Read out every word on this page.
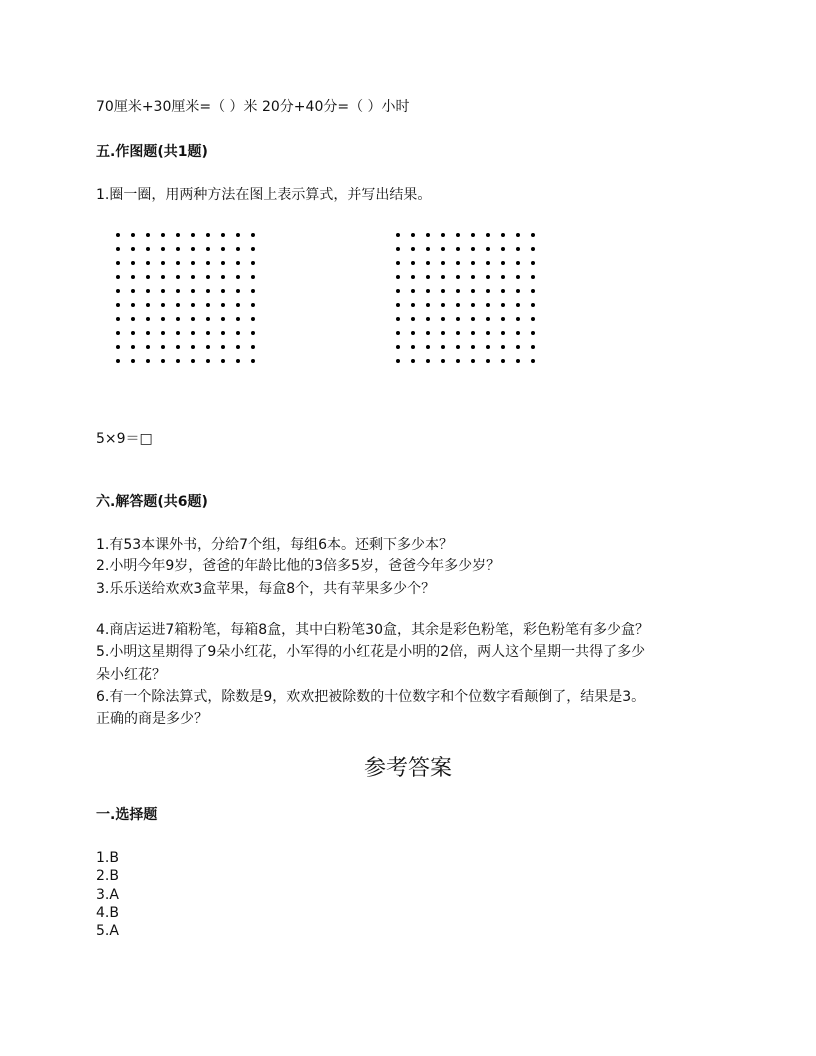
70厘米+30厘米=（ ）米 20分+40分=（ ）小时
五.作图题(共1题)
1.圈一圈，用两种方法在图上表示算式，并写出结果。
5×9＝□
六.解答题(共6题)
1.有53本课外书，分给7个组，每组6本。还剩下多少本？
2.小明今年9岁，爸爸的年龄比他的3倍多5岁，爸爸今年多少岁？
3.乐乐送给欢欢3盒苹果，每盒8个，共有苹果多少个？
4.商店运进7箱粉笔，每箱8盒，其中白粉笔30盒，其余是彩色粉笔，彩色粉笔有多少盒？
5.小明这星期得了9朵小红花，小军得的小红花是小明的2倍，两人这个星期一共得了多少
朵小红花？
6.有一个除法算式，除数是9，欢欢把被除数的十位数字和个位数字看颠倒了，结果是3。
正确的商是多少？
参考答案
一.选择题
1.B
2.B
3.A
4.B
5.A
